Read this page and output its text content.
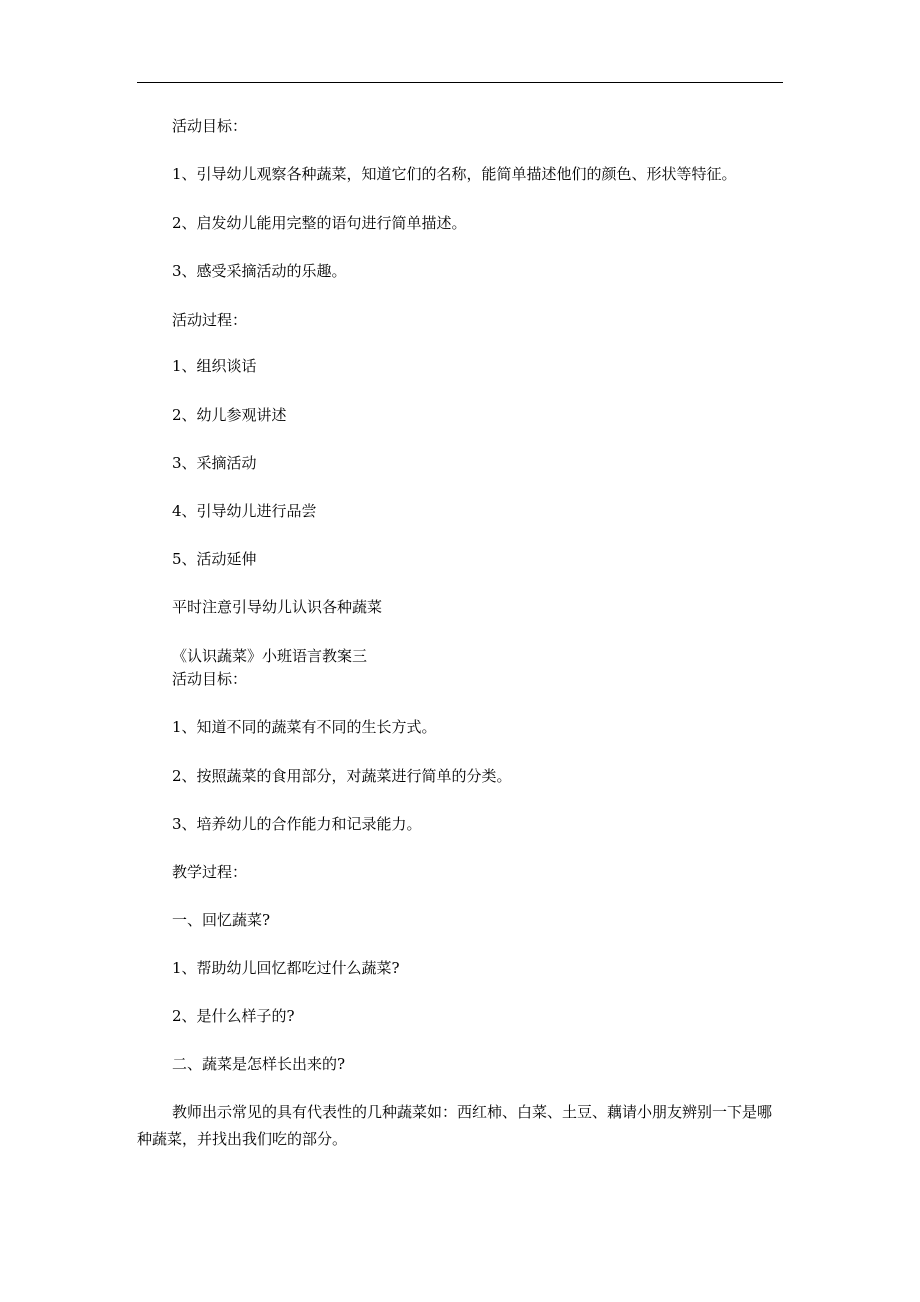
活动目标：
1、引导幼儿观察各种蔬菜，知道它们的名称，能简单描述他们的颜色、形状等特征。
2、启发幼儿能用完整的语句进行简单描述。
3、感受采摘活动的乐趣。
活动过程：
1、组织谈话
2、幼儿参观讲述
3、采摘活动
4、引导幼儿进行品尝
5、活动延伸
平时注意引导幼儿认识各种蔬菜
《认识蔬菜》小班语言教案三
活动目标：
1、知道不同的蔬菜有不同的生长方式。
2、按照蔬菜的食用部分，对蔬菜进行简单的分类。
3、培养幼儿的合作能力和记录能力。
教学过程：
一、回忆蔬菜?
1、帮助幼儿回忆都吃过什么蔬菜?
2、是什么样子的?
二、蔬菜是怎样长出来的?
教师出示常见的具有代表性的几种蔬菜如：西红柿、白菜、土豆、藕请小朋友辨别一下是哪种蔬菜，并找出我们吃的部分。
